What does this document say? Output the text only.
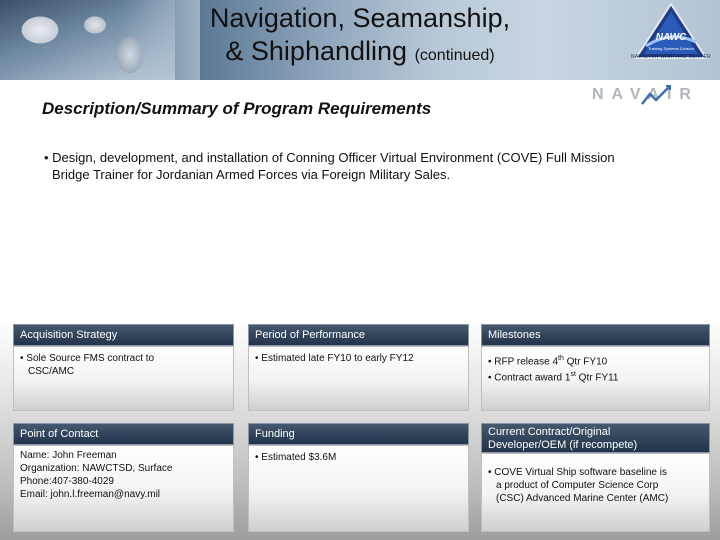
Navigation, Seamanship,
& Shiphandling (continued)
NAWC
Training Systems Division
NAVAL AIR WARFARE CENTER
Description/Summary of Program Requirements
NAVAIR
• Design, development, and installation of Conning Officer Virtual Environment (COVE) Full Mission
Bridge Trainer for Jordanian Armed Forces via Foreign Military Sales.
Acquisition Strategy
• Sole Source FMS contract to
CSC/AMC
Period of Performance
• Estimated late FY10 to early FY12
Milestones
• RFP release 4th Qtr FY10
• Contract award 1st Qtr FY11
Point of Contact
Name: John Freeman
Organization: NAWCTSD, Surface
Phone:407-380-4029
Email: john.l.freeman@navy.mil
Funding
• Estimated $3.6M
Current Contract/Original
Developer/OEM (if recompete)
• COVE Virtual Ship software baseline is
a product of Computer Science Corp
(CSC) Advanced Marine Center (AMC)
